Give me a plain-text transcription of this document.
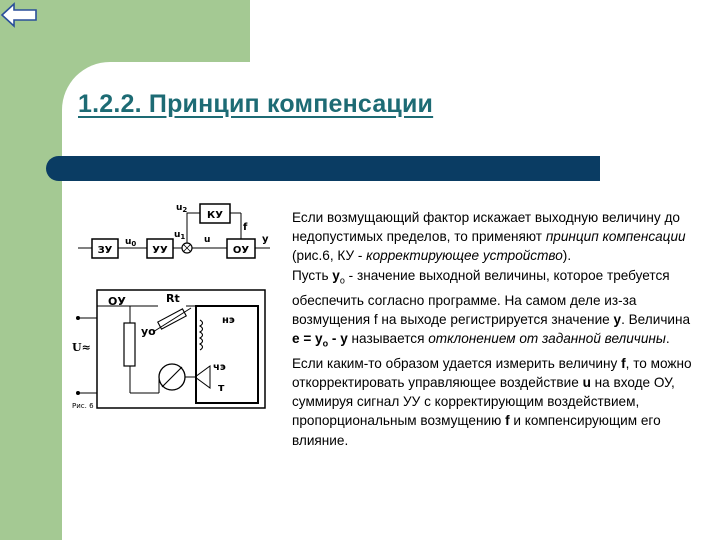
1.2.2. Принцип компенсации
ЗУ	УУ
КУ
ОУ
$u_0$
$u_1$
$u_2$
u
f
у
ОУ	Rt
нэ
чэ
т
уо
U≈
Рис. 6

Если возмущающий фактор искажает выходную величину до недопустимых пределов, то применяют принцип компенсации (рис.6, КУ - корректирующее устройство).

Пусть $у_о$ - значение выходной величины, которое требуется обеспечить согласно программе. На самом деле из-за возмущения f на выходе регистрируется значение у. Величина $е = у_о - у$ называется отклонением от заданной величины.

Если каким-то образом удается измерить величину f, то можно откорректировать управляющее воздействие u на входе ОУ, суммируя сигнал УУ с корректирующим воздействием, пропорциональным возмущению f и компенсирующим его влияние.
